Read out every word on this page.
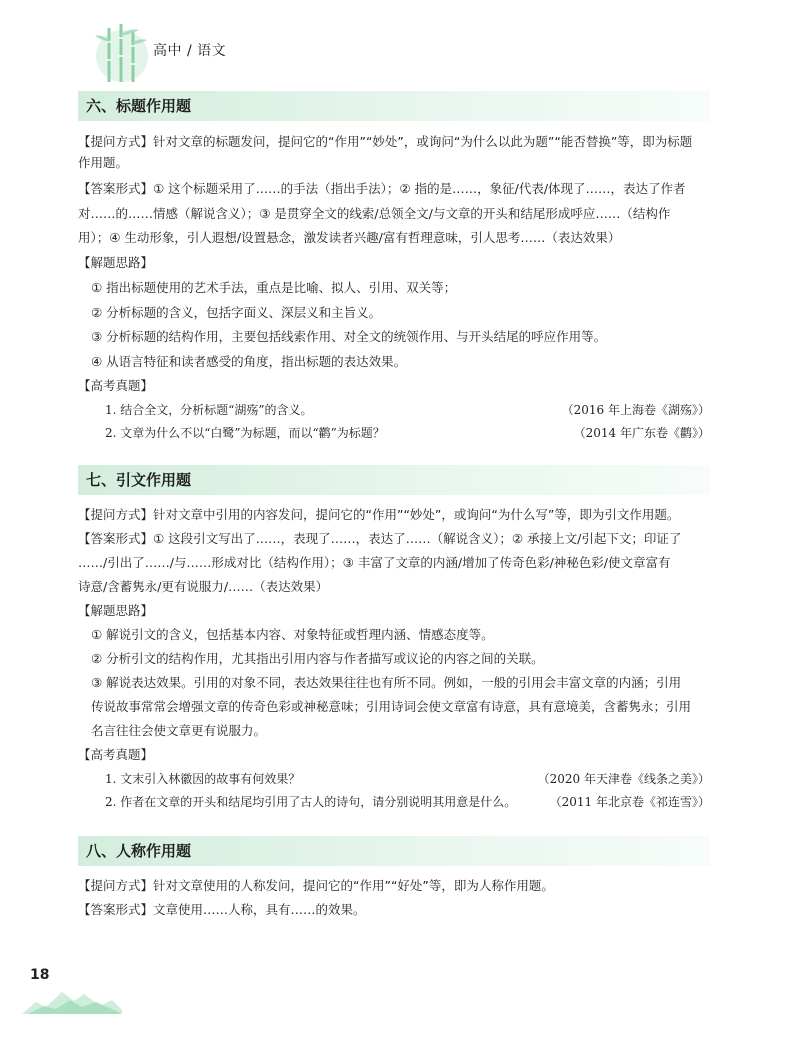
高中 / 语文
六、标题作用题
【提问方式】针对文章的标题发问，提问它的“作用”“妙处”，或询问“为什么以此为题”“能否替换”等，即为标题
作用题。
【答案形式】① 这个标题采用了……的手法（指出手法）；② 指的是……，象征/代表/体现了……，表达了作者
对……的……情感（解说含义）；③ 是贯穿全文的线索/总领全文/与文章的开头和结尾形成呼应……（结构作
用）；④ 生动形象，引人遐想/设置悬念，激发读者兴趣/富有哲理意味，引人思考……（表达效果）
【解题思路】
① 指出标题使用的艺术手法，重点是比喻、拟人、引用、双关等；
② 分析标题的含义，包括字面义、深层义和主旨义。
③ 分析标题的结构作用，主要包括线索作用、对全文的统领作用、与开头结尾的呼应作用等。
④ 从语言特征和读者感受的角度，指出标题的表达效果。
【高考真题】
1. 结合全文，分析标题“湖殇”的含义。	（2016 年上海卷《湖殇》）
2. 文章为什么不以“白鹭”为标题，而以“鹳”为标题？	（2014 年广东卷《鹳》）
七、引文作用题
【提问方式】针对文章中引用的内容发问，提问它的“作用”“妙处”，或询问“为什么写”等，即为引文作用题。
【答案形式】① 这段引文写出了……，表现了……，表达了……（解说含义）；② 承接上文/引起下文；印证了
……/引出了……/与……形成对比（结构作用）；③ 丰富了文章的内涵/增加了传奇色彩/神秘色彩/使文章富有
诗意/含蓄隽永/更有说服力/……（表达效果）
【解题思路】
① 解说引文的含义，包括基本内容、对象特征或哲理内涵、情感态度等。
② 分析引文的结构作用，尤其指出引用内容与作者描写或议论的内容之间的关联。
③ 解说表达效果。引用的对象不同，表达效果往往也有所不同。例如，一般的引用会丰富文章的内涵；引用
传说故事常常会增强文章的传奇色彩或神秘意味；引用诗词会使文章富有诗意，具有意境美，含蓄隽永；引用
名言往往会使文章更有说服力。
【高考真题】
1. 文末引入林徽因的故事有何效果？	（2020 年天津卷《线条之美》）
2. 作者在文章的开头和结尾均引用了古人的诗句，请分别说明其用意是什么。	（2011 年北京卷《祁连雪》）
八、人称作用题
【提问方式】针对文章使用的人称发问，提问它的“作用”“好处”等，即为人称作用题。
【答案形式】文章使用……人称，具有……的效果。
18
